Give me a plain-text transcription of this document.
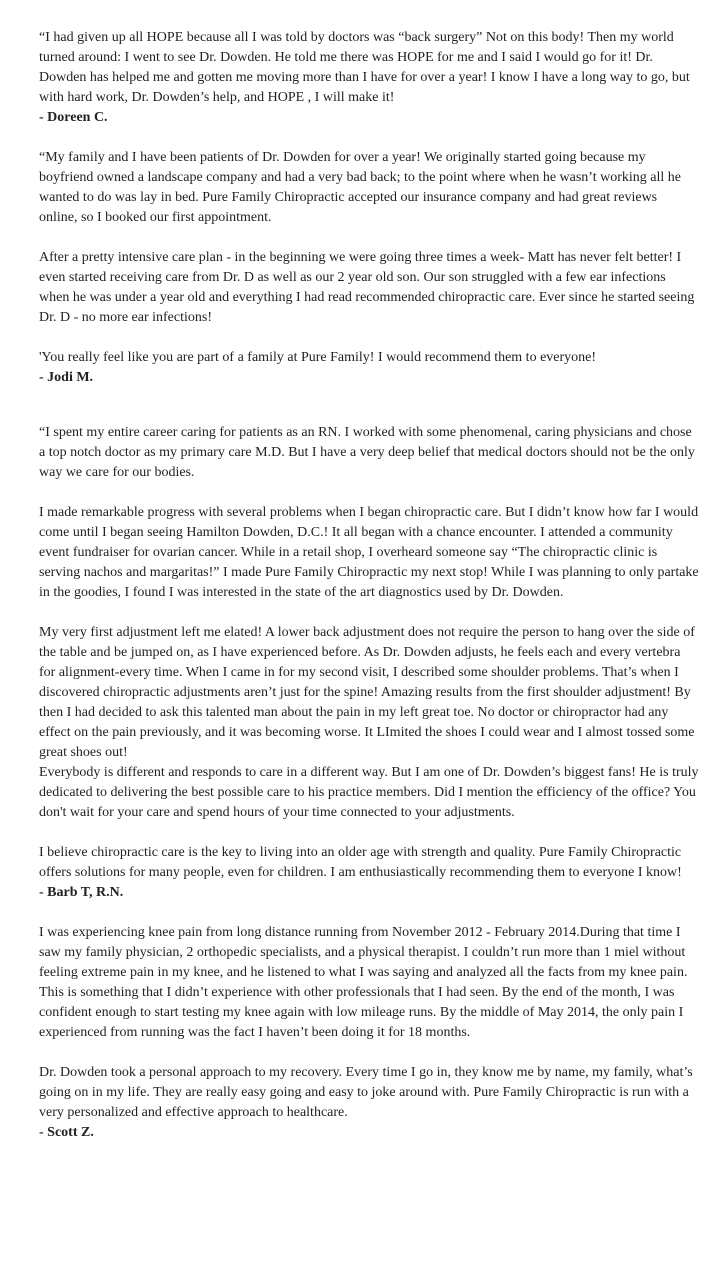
“I had given up all HOPE because all I was told by doctors was “back surgery” Not on this body! Then my world turned around: I went to see Dr. Dowden. He told me there was HOPE for me and I said I would go for it! Dr. Dowden has helped me and gotten me moving more than I have for over a year! I know I have a long way to go, but with hard work, Dr. Dowden’s help, and HOPE , I will make it!

- Doreen C.

“My family and I have been patients of Dr. Dowden for over a year! We originally started going because my boyfriend owned a landscape company and had a very bad back; to the point where when he wasn’t working all he wanted to do was lay in bed. Pure Family Chiropractic accepted our insurance company and had great reviews online, so I booked our first appointment.

After a pretty intensive care plan - in the beginning we were going three times a week- Matt has never felt better! I even started receiving care from Dr. D as well as our 2 year old son. Our son struggled with a few ear infections when he was under a year old and everything I had read recommended chiropractic care. Ever since he started seeing Dr. D - no more ear infections!

'You really feel like you are part of a family at Pure Family! I would recommend them to everyone!

- Jodi M.

“I spent my entire career caring for patients as an RN. I worked with some phenomenal, caring physicians and chose a top notch doctor as my primary care M.D. But I have a very deep belief that medical doctors should not be the only way we care for our bodies.

I made remarkable progress with several problems when I began chiropractic care. But I didn’t know how far I would come until I began seeing Hamilton Dowden, D.C.! It all began with a chance encounter. I attended a community event fundraiser for ovarian cancer. While in a retail shop, I overheard someone say “The chiropractic clinic is serving nachos and margaritas!” I made Pure Family Chiropractic my next stop! While I was planning to only partake in the goodies, I found I was interested in the state of the art diagnostics used by Dr. Dowden.

My very first adjustment left me elated! A lower back adjustment does not require the person to hang over the side of the table and be jumped on, as I have experienced before. As Dr. Dowden adjusts, he feels each and every vertebra for alignment-every time. When I came in for my second visit, I described some shoulder problems. That’s when I discovered chiropractic adjustments aren’t just for the spine! Amazing results from the first shoulder adjustment! By then I had decided to ask this talented man about the pain in my left great toe. No doctor or chiropractor had any effect on the pain previously, and it was becoming worse. It LImited the shoes I could wear and I almost tossed some great shoes out!
Everybody is different and responds to care in a different way. But I am one of Dr. Dowden’s biggest fans! He is truly dedicated to delivering the best possible care to his practice members. Did I mention the efficiency of the office? You don't wait for your care and spend hours of your time connected to your adjustments.

I believe chiropractic care is the key to living into an older age with strength and quality. Pure Family Chiropractic offers solutions for many people, even for children. I am enthusiastically recommending them to everyone I know!

- Barb T, R.N.

I was experiencing knee pain from long distance running from November 2012 - February 2014.During that time I saw my family physician, 2 orthopedic specialists, and a physical therapist. I couldn’t run more than 1 miel without feeling extreme pain in my knee, and he listened to what I was saying and analyzed all the facts from my knee pain. This is something that I didn’t experience with other professionals that I had seen. By the end of the month, I was confident enough to start testing my knee again with low mileage runs. By the middle of May 2014, the only pain I experienced from running was the fact I haven’t been doing it for 18 months.

Dr. Dowden took a personal approach to my recovery. Every time I go in, they know me by name, my family, what’s going on in my life. They are really easy going and easy to joke around with. Pure Family Chiropractic is run with a very personalized and effective approach to healthcare.

- Scott Z.
